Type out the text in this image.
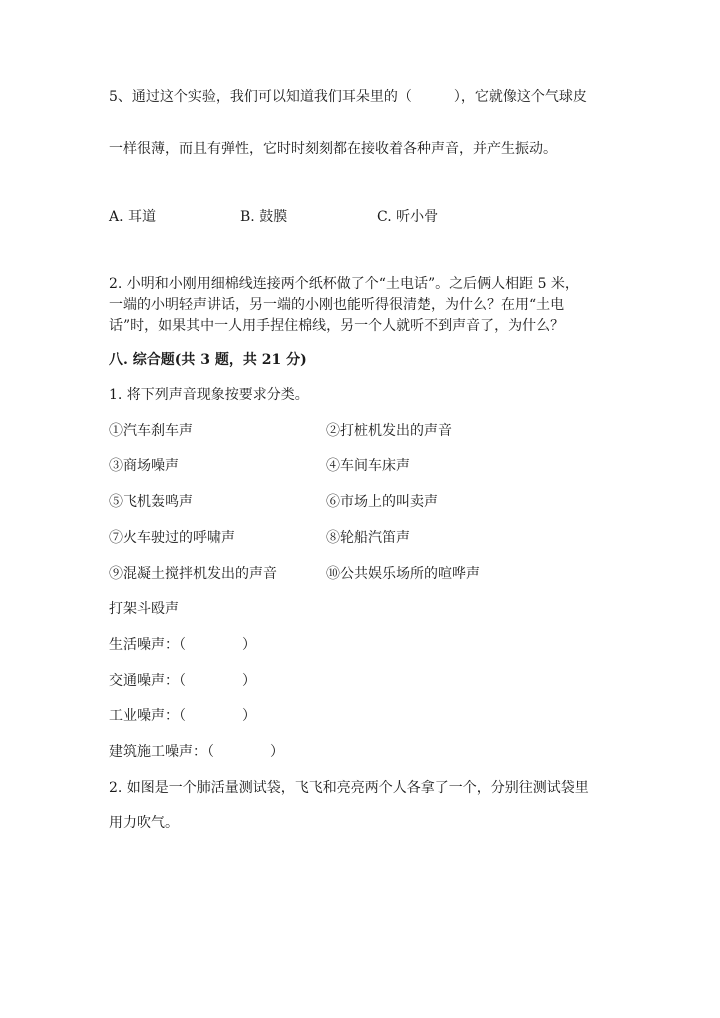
5、通过这个实验，我们可以知道我们耳朵里的（　　　），它就像这个气球皮
一样很薄，而且有弹性，它时时刻刻都在接收着各种声音，并产生振动。
A. 耳道	B. 鼓膜	C. 听小骨
2. 小明和小刚用细棉线连接两个纸杯做了个“土电话”。之后俩人相距 5 米，
一端的小明轻声讲话，另一端的小刚也能听得很清楚，为什么？在用“土电
话”时，如果其中一人用手捏住棉线，另一个人就听不到声音了，为什么？
八. 综合题(共 3 题，共 21 分)
1. 将下列声音现象按要求分类。
①汽车刹车声	②打桩机发出的声音
③商场噪声	④车间车床声
⑤飞机轰鸣声	⑥市场上的叫卖声
⑦火车驶过的呼啸声	⑧轮船汽笛声
⑨混凝土搅拌机发出的声音	⑩公共娱乐场所的喧哗声
打架斗殴声
生活噪声：（　　　　）
交通噪声：（　　　　）
工业噪声：（　　　　）
建筑施工噪声：（　　　　）
2. 如图是一个肺活量测试袋，飞飞和亮亮两个人各拿了一个，分别往测试袋里
用力吹气。
